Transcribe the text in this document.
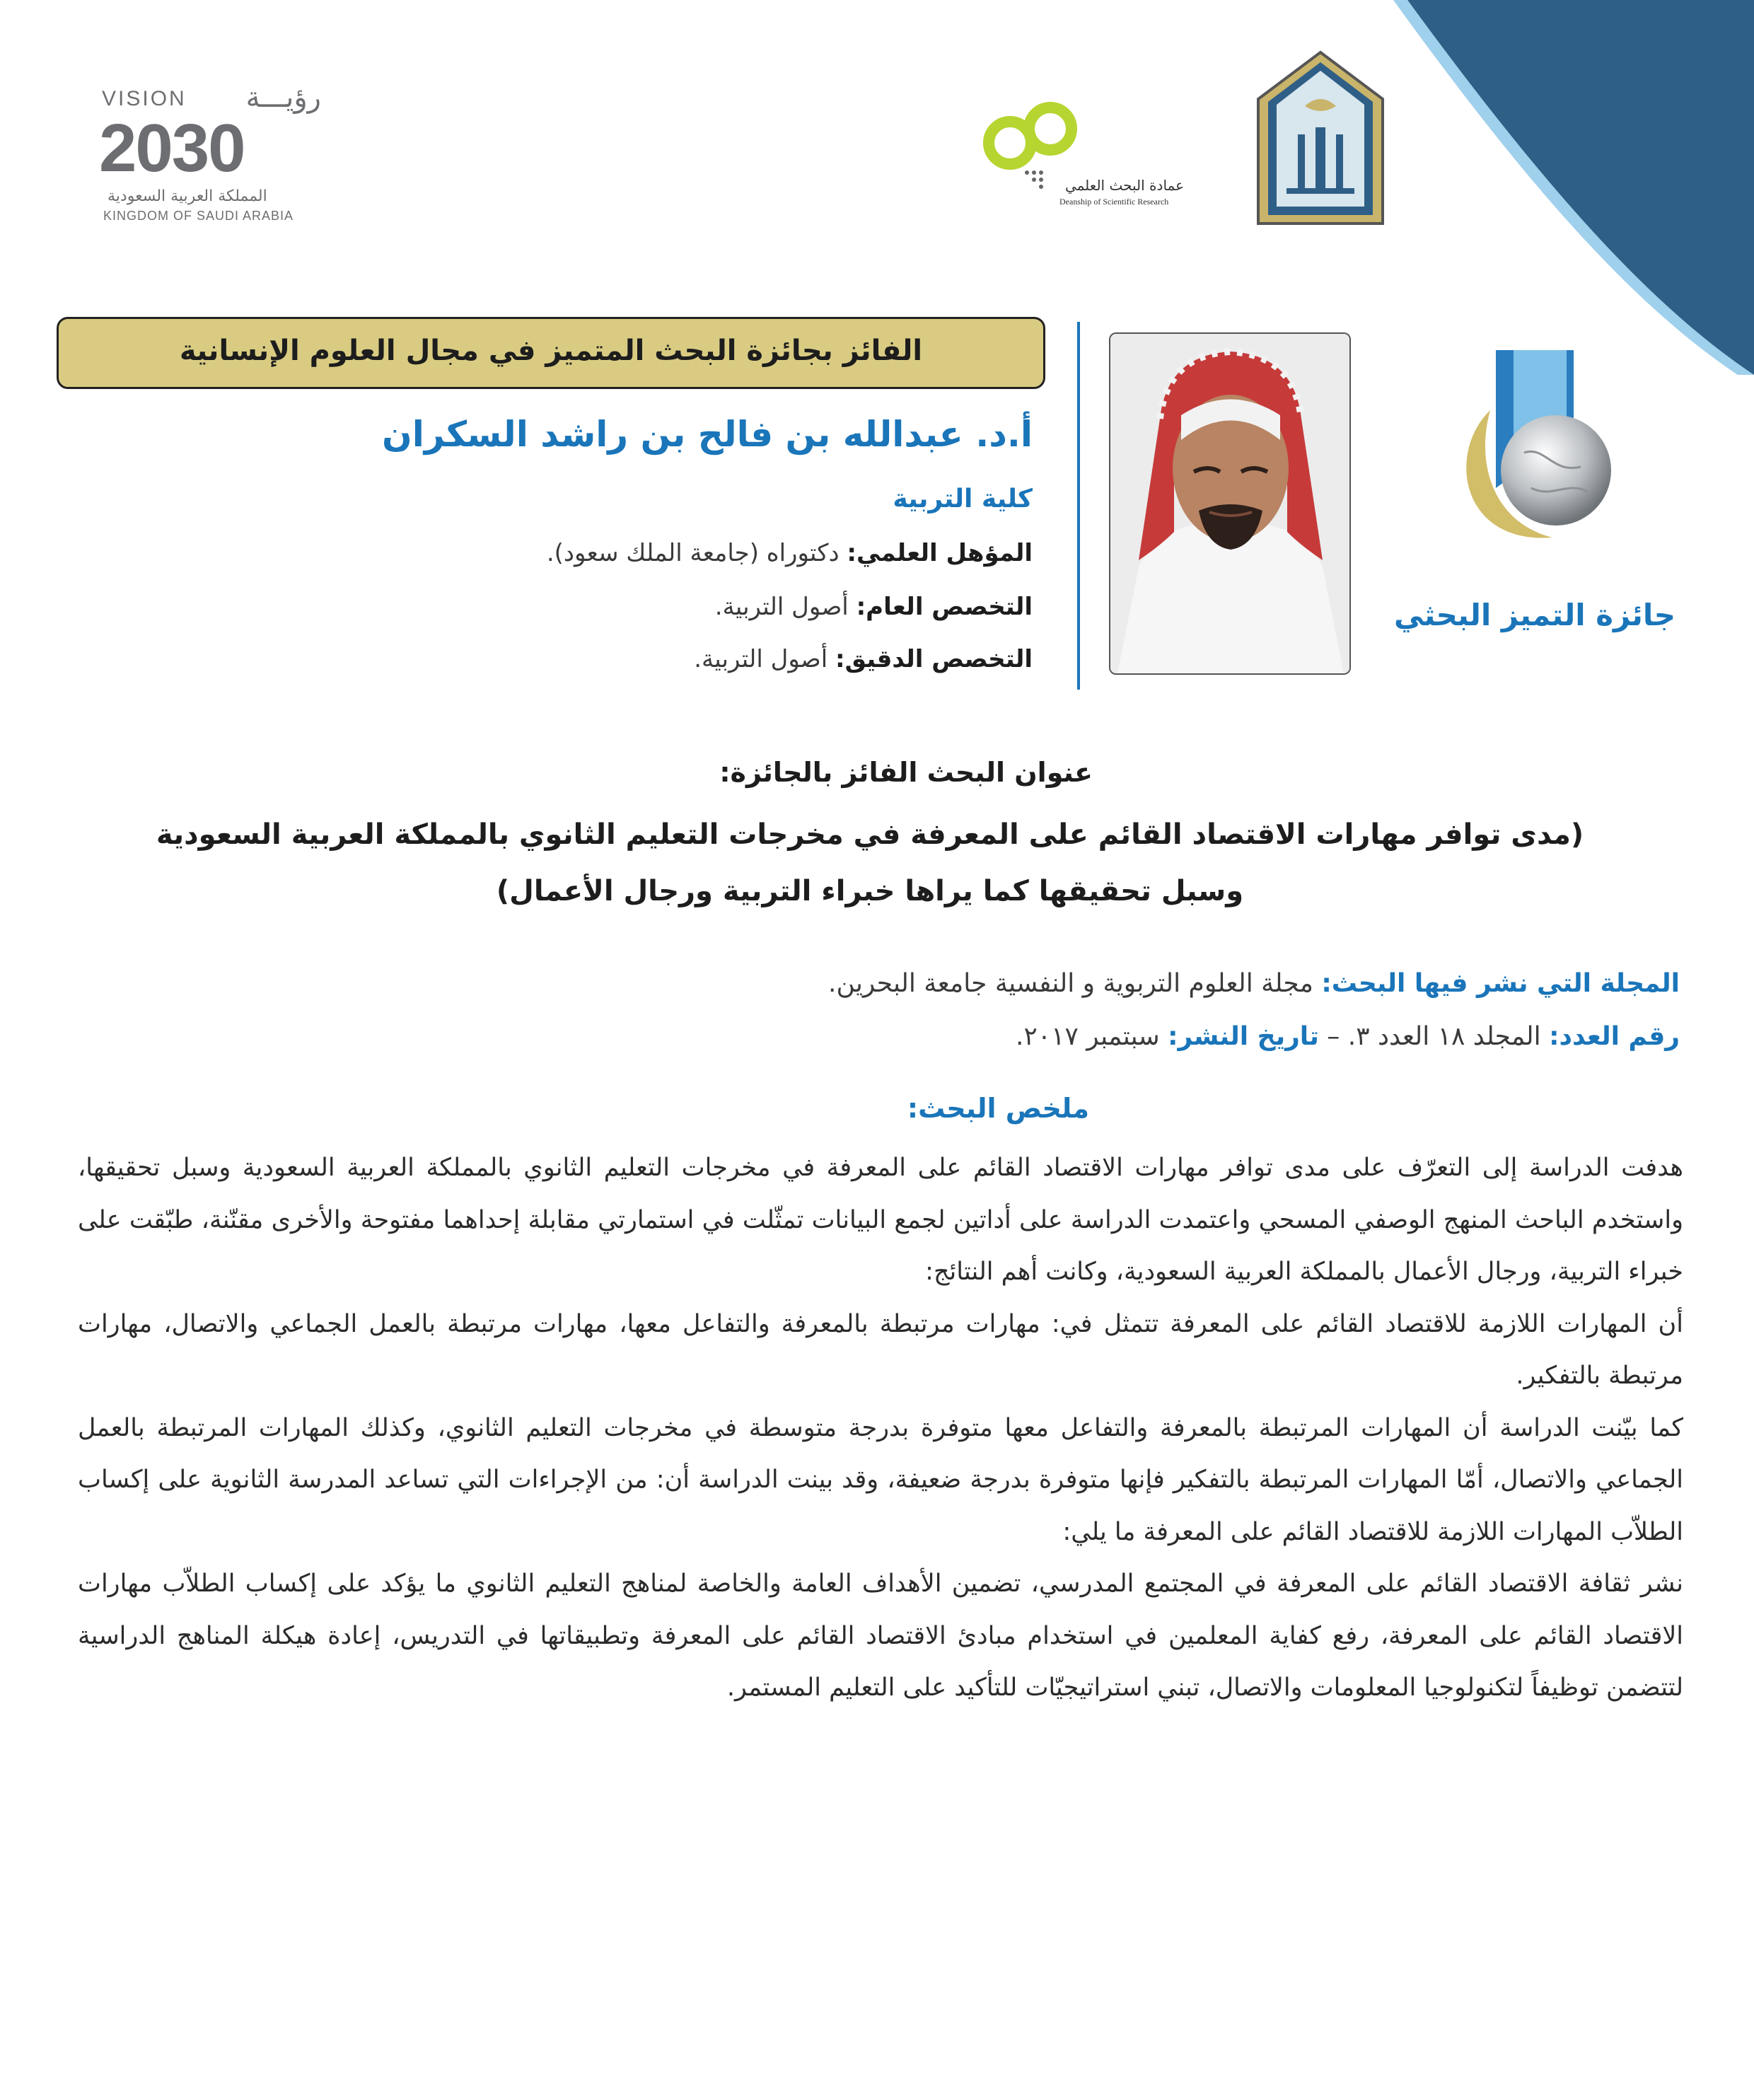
VISION رؤيـــة
2030
المملكة العربية السعودية
KINGDOM OF SAUDI ARABIA
عمادة البحث العلمي
Deanship of Scientific Research
جائزة التميز البحثي
الفائز بجائزة البحث المتميز في مجال العلوم الإنسانية
أ.د. عبدالله بن فالح بن راشد السكران
كلية التربية
المؤهل العلمي: دكتوراه (جامعة الملك سعود).
التخصص العام: أصول التربية.
التخصص الدقيق: أصول التربية.
عنوان البحث الفائز بالجائزة:
(مدى توافر مهارات الاقتصاد القائم على المعرفة في مخرجات التعليم الثانوي بالمملكة العربية السعودية وسبل تحقيقها كما يراها خبراء التربية ورجال الأعمال)
المجلة التي نشر فيها البحث: مجلة العلوم التربوية و النفسية جامعة البحرين.
رقم العدد: المجلد ١٨ العدد ٣. – تاريخ النشر: سبتمبر ٢٠١٧.
ملخص البحث:

هدفت الدراسة إلى التعرّف على مدى توافر مهارات الاقتصاد القائم على المعرفة في مخرجات التعليم الثانوي بالمملكة العربية السعودية وسبل تحقيقها، واستخدم الباحث المنهج الوصفي المسحي واعتمدت الدراسة على أداتين لجمع البيانات تمثّلت في استمارتي مقابلة إحداهما مفتوحة والأخرى مقنّنة، طبّقت على خبراء التربية، ورجال الأعمال بالمملكة العربية السعودية، وكانت أهم النتائج:

أن المهارات اللازمة للاقتصاد القائم على المعرفة تتمثل في: مهارات مرتبطة بالمعرفة والتفاعل معها، مهارات مرتبطة بالعمل الجماعي والاتصال، مهارات مرتبطة بالتفكير.

كما بيّنت الدراسة أن المهارات المرتبطة بالمعرفة والتفاعل معها متوفرة بدرجة متوسطة في مخرجات التعليم الثانوي، وكذلك المهارات المرتبطة بالعمل الجماعي والاتصال، أمّا المهارات المرتبطة بالتفكير فإنها متوفرة بدرجة ضعيفة، وقد بينت الدراسة أن: من الإجراءات التي تساعد المدرسة الثانوية على إكساب الطلاّب المهارات اللازمة للاقتصاد القائم على المعرفة ما يلي:

نشر ثقافة الاقتصاد القائم على المعرفة في المجتمع المدرسي، تضمين الأهداف العامة والخاصة لمناهج التعليم الثانوي ما يؤكد على إكساب الطلاّب مهارات الاقتصاد القائم على المعرفة، رفع كفاية المعلمين في استخدام مبادئ الاقتصاد القائم على المعرفة وتطبيقاتها في التدريس، إعادة هيكلة المناهج الدراسية لتتضمن توظيفاً لتكنولوجيا المعلومات والاتصال، تبني استراتيجيّات للتأكيد على التعليم المستمر.
